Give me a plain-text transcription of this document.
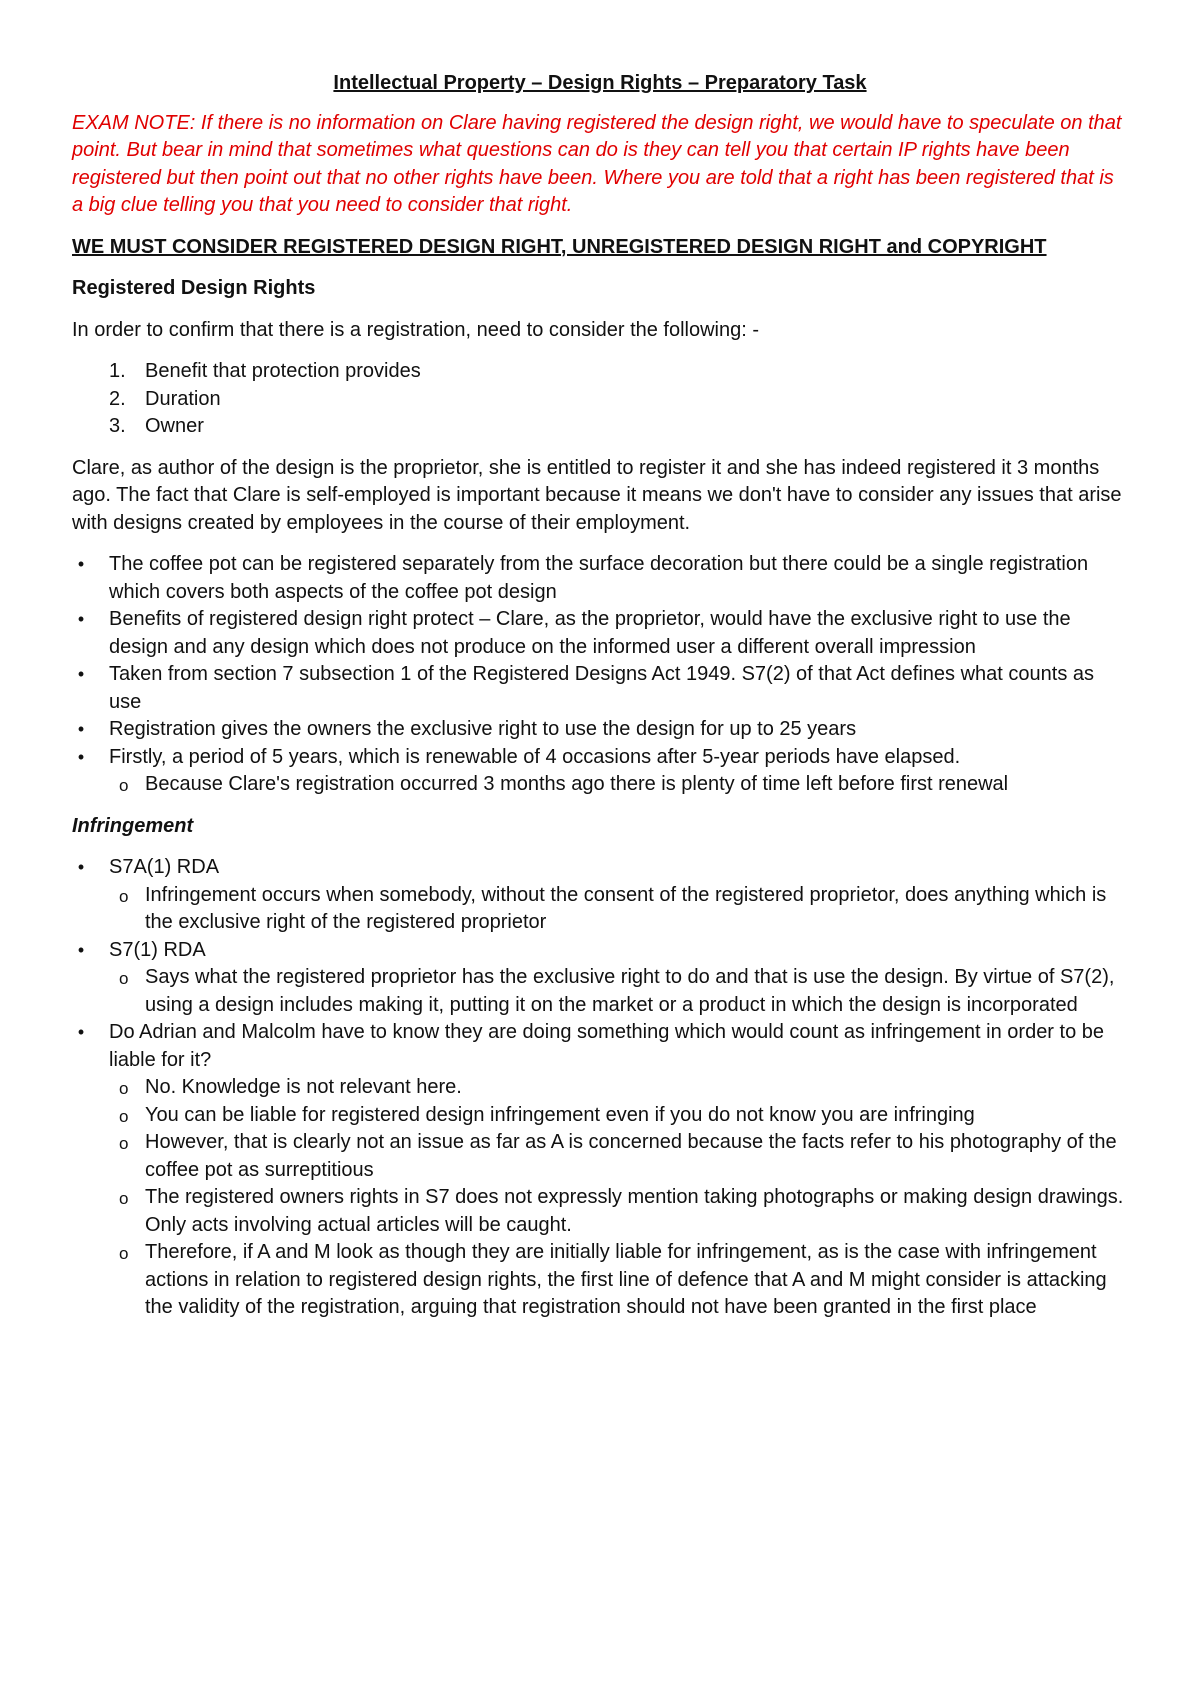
Intellectual Property – Design Rights – Preparatory Task
EXAM NOTE: If there is no information on Clare having registered the design right, we would have to speculate on that point. But bear in mind that sometimes what questions can do is they can tell you that certain IP rights have been registered but then point out that no other rights have been. Where you are told that a right has been registered that is a big clue telling you that you need to consider that right.
WE MUST CONSIDER REGISTERED DESIGN RIGHT, UNREGISTERED DESIGN RIGHT and COPYRIGHT
Registered Design Rights

In order to confirm that there is a registration, need to consider the following: -

1. Benefit that protection provides
2. Duration
3. Owner

Clare, as author of the design is the proprietor, she is entitled to register it and she has indeed registered it 3 months ago. The fact that Clare is self-employed is important because it means we don't have to consider any issues that arise with designs created by employees in the course of their employment.

• The coffee pot can be registered separately from the surface decoration but there could be a single registration which covers both aspects of the coffee pot design
• Benefits of registered design right protect – Clare, as the proprietor, would have the exclusive right to use the design and any design which does not produce on the informed user a different overall impression
• Taken from section 7 subsection 1 of the Registered Designs Act 1949. S7(2) of that Act defines what counts as use
• Registration gives the owners the exclusive right to use the design for up to 25 years
• Firstly, a period of 5 years, which is renewable of 4 occasions after 5-year periods have elapsed.
o Because Clare's registration occurred 3 months ago there is plenty of time left before first renewal
Infringement
• S7A(1) RDA
o Infringement occurs when somebody, without the consent of the registered proprietor, does anything which is the exclusive right of the registered proprietor
• S7(1) RDA
o Says what the registered proprietor has the exclusive right to do and that is use the design. By virtue of S7(2), using a design includes making it, putting it on the market or a product in which the design is incorporated
• Do Adrian and Malcolm have to know they are doing something which would count as infringement in order to be liable for it?
o No. Knowledge is not relevant here.
o You can be liable for registered design infringement even if you do not know you are infringing
o However, that is clearly not an issue as far as A is concerned because the facts refer to his photography of the coffee pot as surreptitious
o The registered owners rights in S7 does not expressly mention taking photographs or making design drawings. Only acts involving actual articles will be caught.
o Therefore, if A and M look as though they are initially liable for infringement, as is the case with infringement actions in relation to registered design rights, the first line of defence that A and M might consider is attacking the validity of the registration, arguing that registration should not have been granted in the first place
